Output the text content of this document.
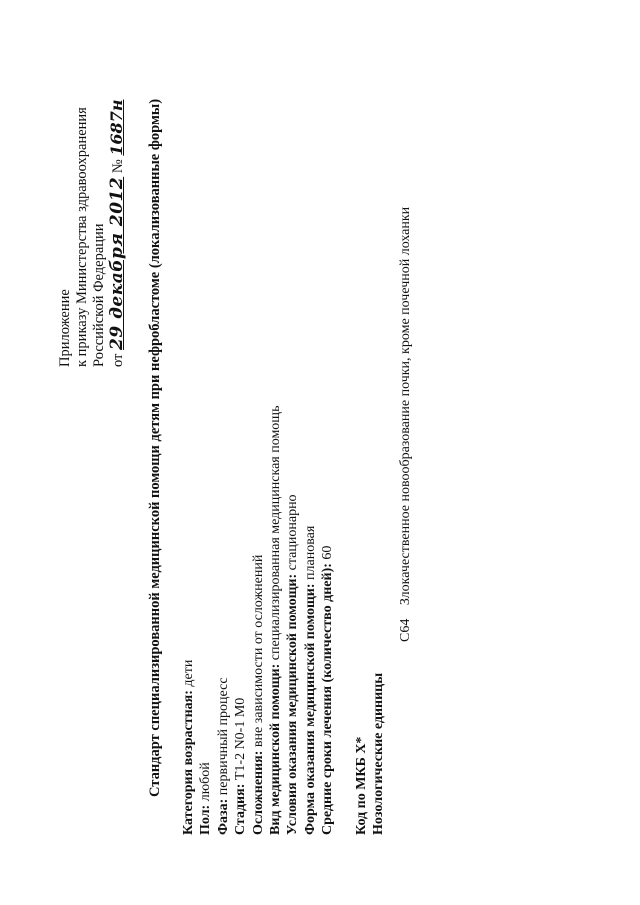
Приложение к приказу Министерства здравоохранения Российской Федерации от 29 декабря 2012 № 1687н Стандарт специализированной медицинской помощи детям при нефробластоме (локализованные формы) Категория возрастная: дети
Пол: любой
Фаза: первичный процесс
Стадия: T1-2 N0-1 M0
Осложнения: вне зависимости от осложнений Вид медицинской помощи: специализированная медицинская помощь
Условия оказания медицинской помощи: стационарно
Форма оказания медицинской помощи: плановая
Средние сроки лечения (количество дней): 60
Код по МКБ X* Нозологические единицы
C64 Злокачественное новообразование почки, кроме почечной лоханки
